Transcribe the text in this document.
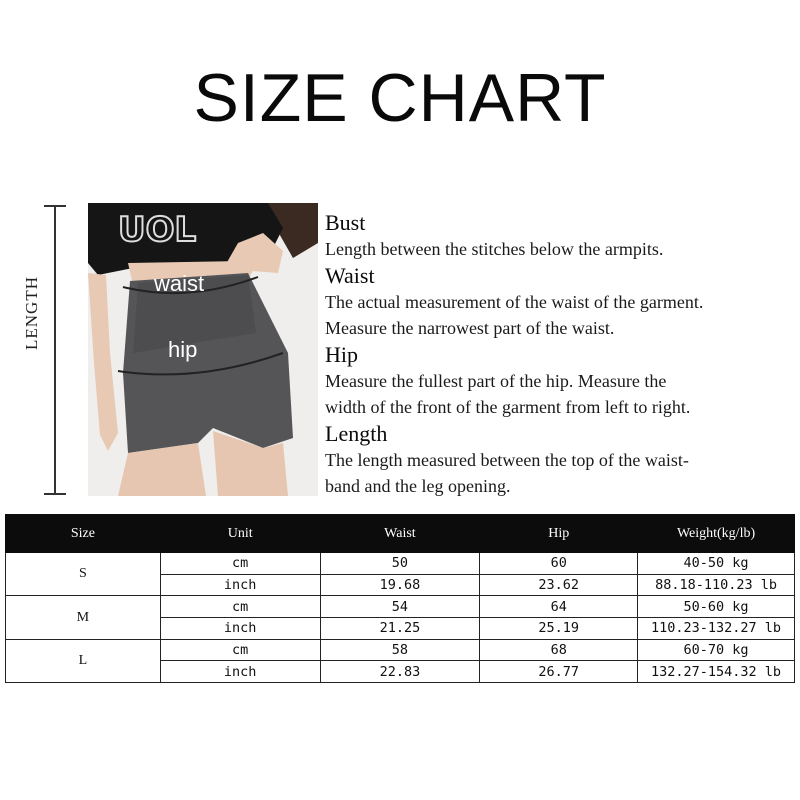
SIZE CHART
LENGTH
UOL
waist
hip
Bust
Length between the stitches below the armpits.
Waist
The actual measurement of the waist of the garment.
Measure the narrowest part of the waist.
Hip
Measure the fullest part of the hip. Measure the
width of the front of the garment from left to right.
Length
The length measured between the top of the waist-
band and the leg opening.
Size	Unit	Waist	Hip	Weight(kg/lb)
S	cm	50	60	40-50 kg
	inch	19.68	23.62	88.18-110.23 lb
M	cm	54	64	50-60 kg
	inch	21.25	25.19	110.23-132.27 lb
L	cm	58	68	60-70 kg
	inch	22.83	26.77	132.27-154.32 lb
